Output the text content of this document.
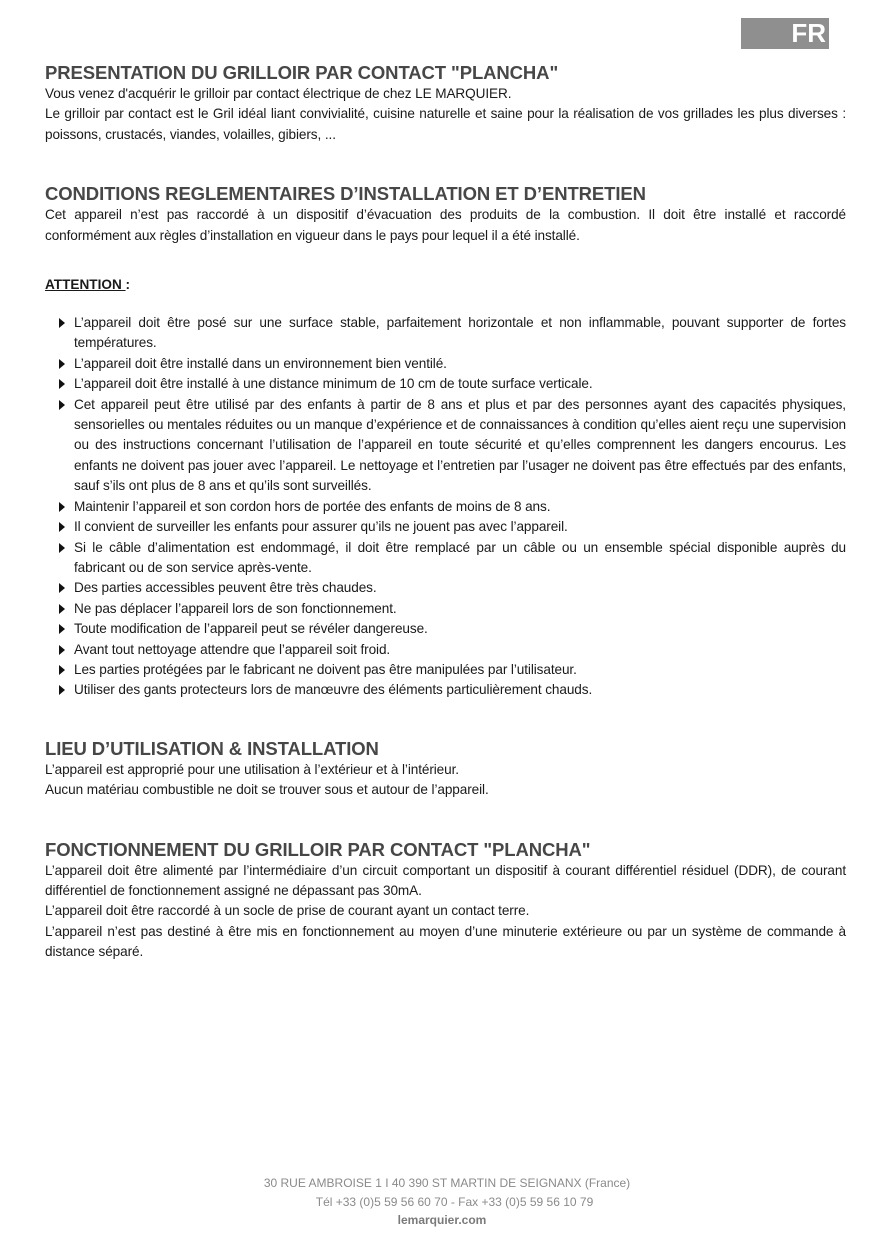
FR
PRESENTATION DU GRILLOIR PAR CONTACT "PLANCHA"

Vous venez d'acquérir le grilloir par contact électrique de chez LE MARQUIER.

Le grilloir par contact est le Gril idéal liant convivialité, cuisine naturelle et saine pour la réalisation de vos grillades les plus diverses : poissons, crustacés, viandes, volailles, gibiers, ...

CONDITIONS REGLEMENTAIRES D’INSTALLATION ET D’ENTRETIEN

Cet appareil n’est pas raccordé à un dispositif d’évacuation des produits de la combustion. Il doit être installé et raccordé conformément aux règles d’installation en vigueur dans le pays pour lequel il a été installé.

ATTENTION :
L’appareil doit être posé sur une surface stable, parfaitement horizontale et non inflammable, pouvant supporter de fortes températures.
L’appareil doit être installé dans un environnement bien ventilé.
L’appareil doit être installé à une distance minimum de 10 cm de toute surface verticale.
Cet appareil peut être utilisé par des enfants à partir de 8 ans et plus et par des personnes ayant des capacités physiques, sensorielles ou mentales réduites ou un manque d’expérience et de connaissances à condition qu’elles aient reçu une supervision ou des instructions concernant l’utilisation de l’appareil en toute sécurité et qu’elles comprennent les dangers encourus. Les enfants ne doivent pas jouer avec l’appareil. Le nettoyage et l’entretien par l’usager ne doivent pas être effectués par des enfants, sauf s’ils ont plus de 8 ans et qu’ils sont surveillés.
Maintenir l’appareil et son cordon hors de portée des enfants de moins de 8 ans.
Il convient de surveiller les enfants pour assurer qu’ils ne jouent pas avec l’appareil.
Si le câble d’alimentation est endommagé, il doit être remplacé par un câble ou un ensemble spécial disponible auprès du fabricant ou de son service après-vente.
Des parties accessibles peuvent être très chaudes.
Ne pas déplacer l’appareil lors de son fonctionnement.
Toute modification de l’appareil peut se révéler dangereuse.
Avant tout nettoyage attendre que l’appareil soit froid.
Les parties protégées par le fabricant ne doivent pas être manipulées par l’utilisateur.
Utiliser des gants protecteurs lors de manœuvre des éléments particulièrement chauds.
LIEU D’UTILISATION & INSTALLATION

L’appareil est approprié pour une utilisation à l’extérieur et à l’intérieur.

Aucun matériau combustible ne doit se trouver sous et autour de l’appareil.

FONCTIONNEMENT DU GRILLOIR PAR CONTACT "PLANCHA"

L’appareil doit être alimenté par l’intermédiaire d’un circuit comportant un dispositif à courant différentiel résiduel (DDR), de courant différentiel de fonctionnement assigné ne dépassant pas 30mA.

L’appareil doit être raccordé à un socle de prise de courant ayant un contact terre.

L’appareil n’est pas destiné à être mis en fonctionnement au moyen d’une minuterie extérieure ou par un système de commande à distance séparé.

30 RUE AMBROISE 1 I 40 390 ST MARTIN DE SEIGNANX (France)
Tél +33 (0)5 59 56 60 70 - Fax +33 (0)5 59 56 10 79
lemarquier.com
